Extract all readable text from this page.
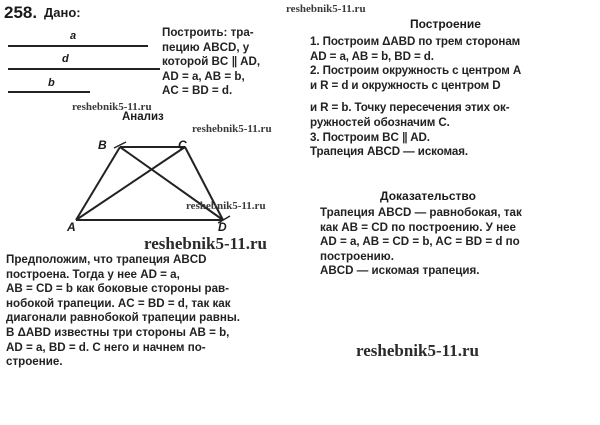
258. Дано:
a
d
b
Построить: тра-
пецию ABCD, у
которой BC ∥ AD,
AD = a, AB = b,
AC = BD = d.
Анализ
A
B	C
D
Предположим, что трапеция ABCD
построена. Тогда у нее AD = a,
AB = CD = b как боковые стороны рав-
нобокой трапеции. AC = BD = d, так как
диагонали равнобокой трапеции равны.
В ΔABD известны три стороны AB = b,
AD = a, BD = d. С него и начнем по-
строение.
Построение
1. Построим ΔABD по трем сторонам
AD = a, AB = b, BD = d.
2. Построим окружность с центром A
и R = d и окружность с центром D
и R = b. Точку пересечения этих ок-
ружностей обозначим C.
3. Построим BC ∥ AD.
Трапеция ABCD — искомая.
Доказательство
Трапеция ABCD — равнобокая, так
как AB = CD по построению. У нее
AD = a, AB = CD = b, AC = BD = d по
построению.
ABCD — искомая трапеция.
reshebnik5-11.ru
reshebnik5-11.ru
reshebnik5-11.ru
reshebnik5-11.ru
reshebnik5-11.ru
reshebnik5-11.ru
